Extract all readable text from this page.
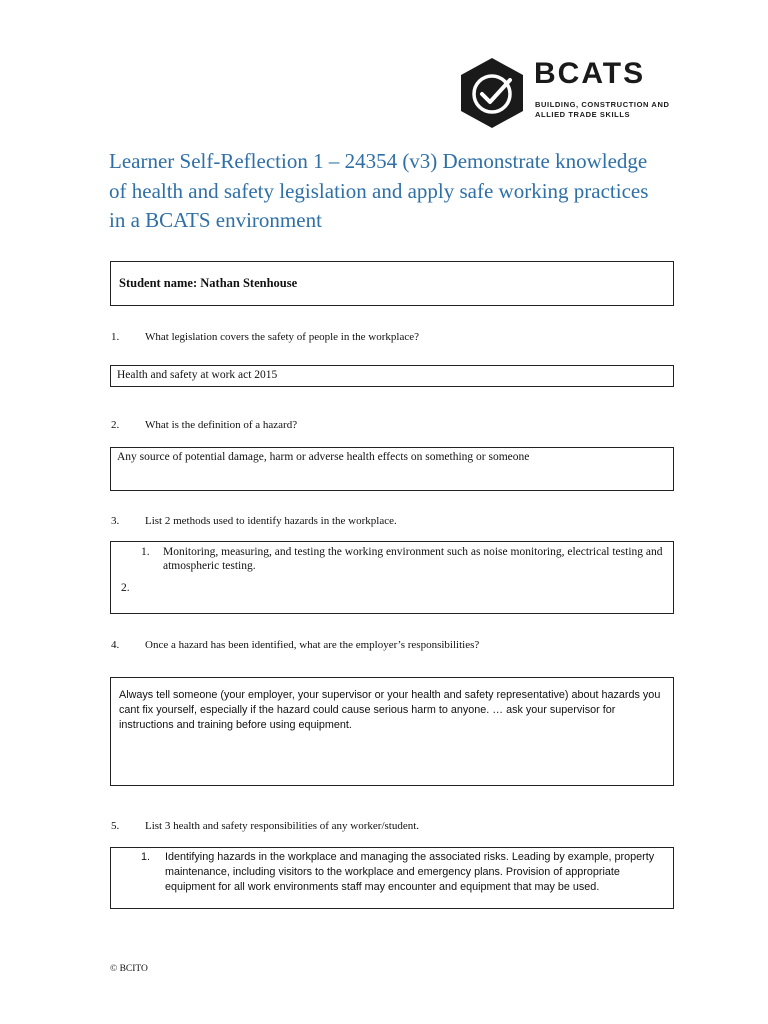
BCATS
BUILDING, CONSTRUCTION AND ALLIED TRADE SKILLS
Learner Self-Reflection 1 – 24354 (v3) Demonstrate knowledge of health and safety legislation and apply safe working practices in a BCATS environment
Student name: Nathan Stenhouse
1. What legislation covers the safety of people in the workplace?
Health and safety at work act 2015
2. What is the definition of a hazard?
Any source of potential damage, harm or adverse health effects on something or someone
3. List 2 methods used to identify hazards in the workplace.
1. Monitoring, measuring, and testing the working environment such as noise monitoring, electrical testing and atmospheric testing.
2.
4. Once a hazard has been identified, what are the employer’s responsibilities?
Always tell someone (your employer, your supervisor or your health and safety representative) about hazards you cant fix yourself, especially if the hazard could cause serious harm to anyone. … ask your supervisor for instructions and training before using equipment.
5. List 3 health and safety responsibilities of any worker/student.
1. Identifying hazards in the workplace and managing the associated risks. Leading by example, property maintenance, including visitors to the workplace and emergency plans. Provision of appropriate equipment for all work environments staff may encounter and equipment that may be used.
© BCITO
